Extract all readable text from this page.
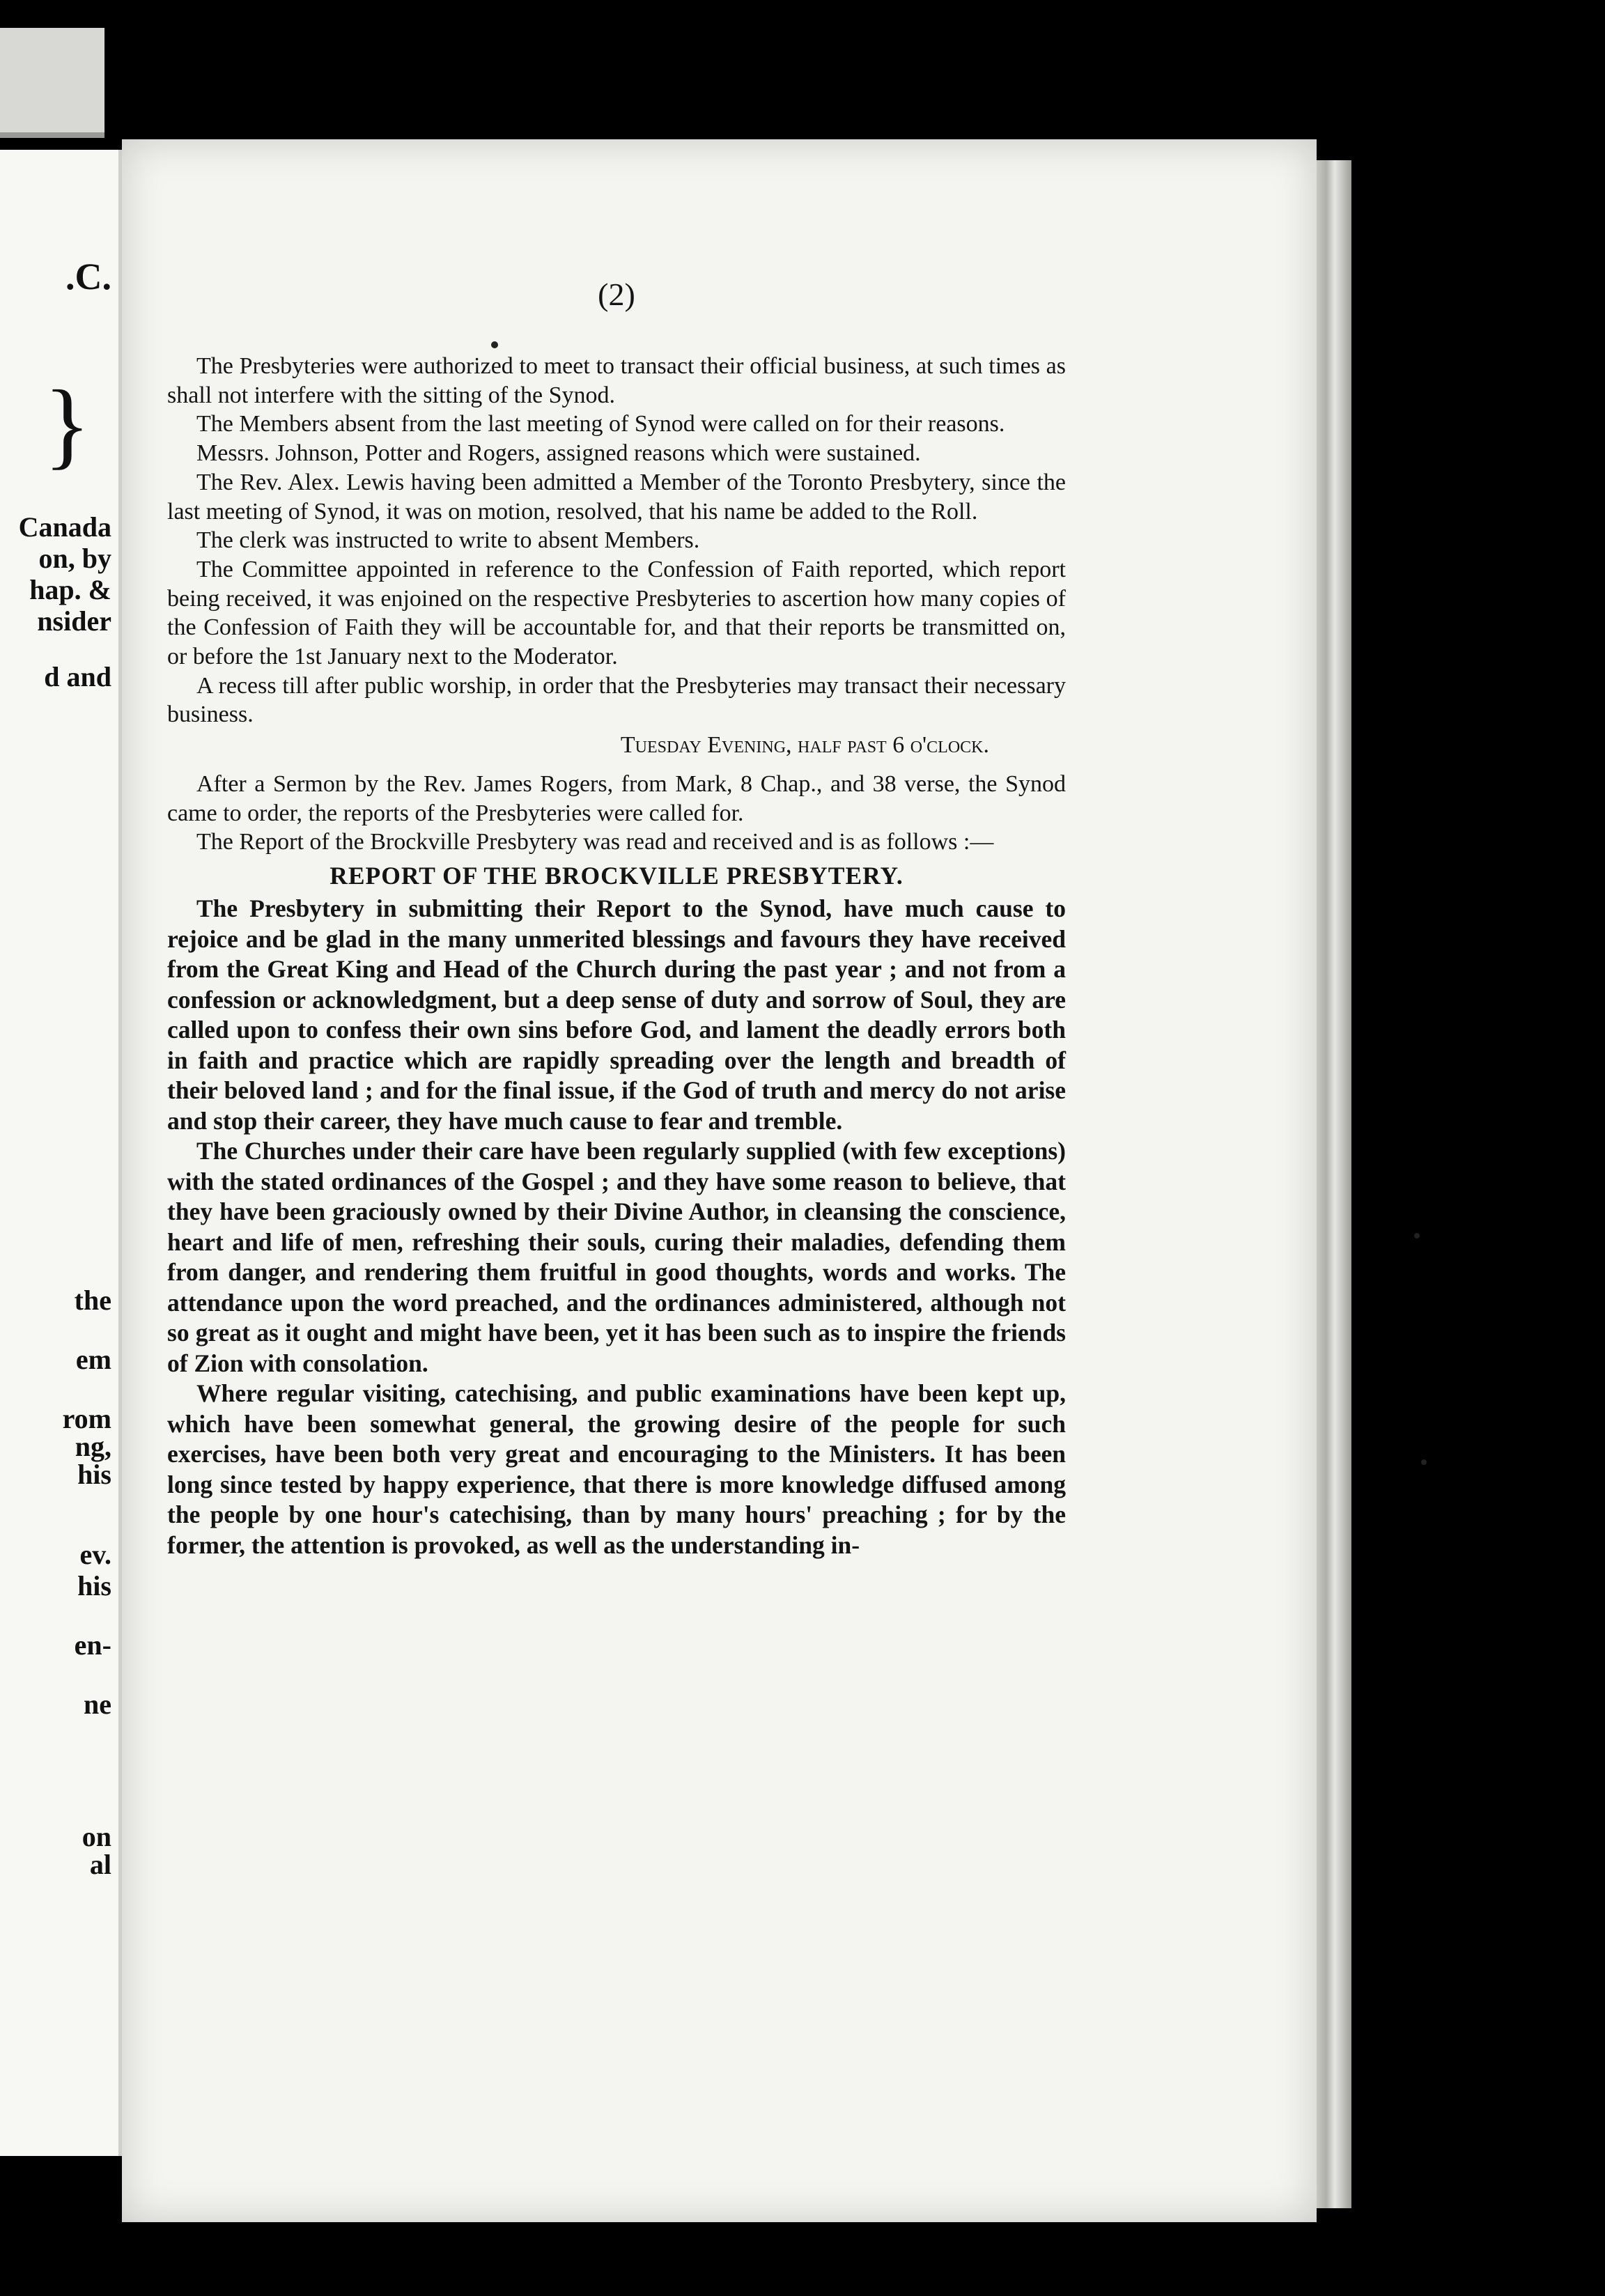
.C.
}
Canada
on, by
hap. &
nsider
d and
the
em
rom
ng,
his
ev.
his
en-
ne
on
al
(2)

The Presbyteries were authorized to meet to transact their official business, at such times as shall not interfere with the sitting of the Synod.

The Members absent from the last meeting of Synod were called on for their reasons.

Messrs. Johnson, Potter and Rogers, assigned reasons which were sustained.

The Rev. Alex. Lewis having been admitted a Member of the Toronto Presbytery, since the last meeting of Synod, it was on motion, resolved, that his name be added to the Roll.

The clerk was instructed to write to absent Members.

The Committee appointed in reference to the Confession of Faith reported, which report being received, it was enjoined on the respective Presbyteries to ascertion how many copies of the Confession of Faith they will be accountable for, and that their reports be transmitted on, or before the 1st January next to the Moderator.

A recess till after public worship, in order that the Presbyteries may transact their necessary business.

Tuesday Evening, half past 6 o'clock.

After a Sermon by the Rev. James Rogers, from Mark, 8 Chap., and 38 verse, the Synod came to order, the reports of the Presbyteries were called for.

The Report of the Brockville Presbytery was read and received and is as follows :—

REPORT OF THE BROCKVILLE PRESBYTERY.

The Presbytery in submitting their Report to the Synod, have much cause to rejoice and be glad in the many unmerited blessings and favours they have received from the Great King and Head of the Church during the past year ; and not from a confession or acknowledgment, but a deep sense of duty and sorrow of Soul, they are called upon to confess their own sins before God, and lament the deadly errors both in faith and practice which are rapidly spreading over the length and breadth of their beloved land ; and for the final issue, if the God of truth and mercy do not arise and stop their career, they have much cause to fear and tremble.

The Churches under their care have been regularly supplied (with few exceptions) with the stated ordinances of the Gospel ; and they have some reason to believe, that they have been graciously owned by their Divine Author, in cleansing the conscience, heart and life of men, refreshing their souls, curing their maladies, defending them from danger, and rendering them fruitful in good thoughts, words and works. The attendance upon the word preached, and the ordinances administered, although not so great as it ought and might have been, yet it has been such as to inspire the friends of Zion with consolation.

Where regular visiting, catechising, and public examinations have been kept up, which have been somewhat general, the growing desire of the people for such exercises, have been both very great and encouraging to the Ministers. It has been long since tested by happy experience, that there is more knowledge diffused among the people by one hour's catechising, than by many hours' preaching ; for by the former, the attention is provoked, as well as the understanding in-
